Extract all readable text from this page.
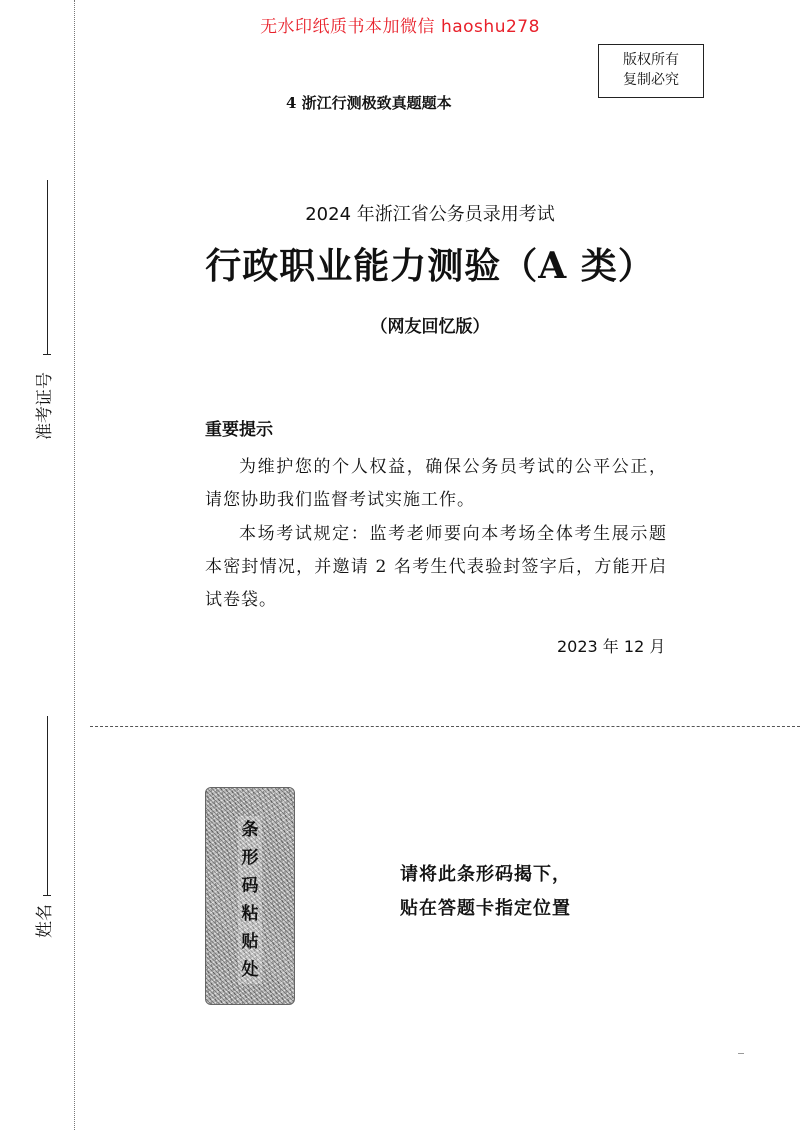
无水印纸质书本加微信 haoshu278
版权所有
复制必究
4 浙江行测极致真题题本
准考证号
姓名
2024 年浙江省公务员录用考试
行政职业能力测验（A 类）
（网友回忆版）
重要提示
为维护您的个人权益，确保公务员考试的公平公正，请您协助我们监督考试实施工作。
本场考试规定：监考老师要向本考场全体考生展示题本密封情况，并邀请 2 名考生代表验封签字后，方能开启试卷袋。
2023 年 12 月
条形码粘贴处
请将此条形码揭下，
贴在答题卡指定位置
